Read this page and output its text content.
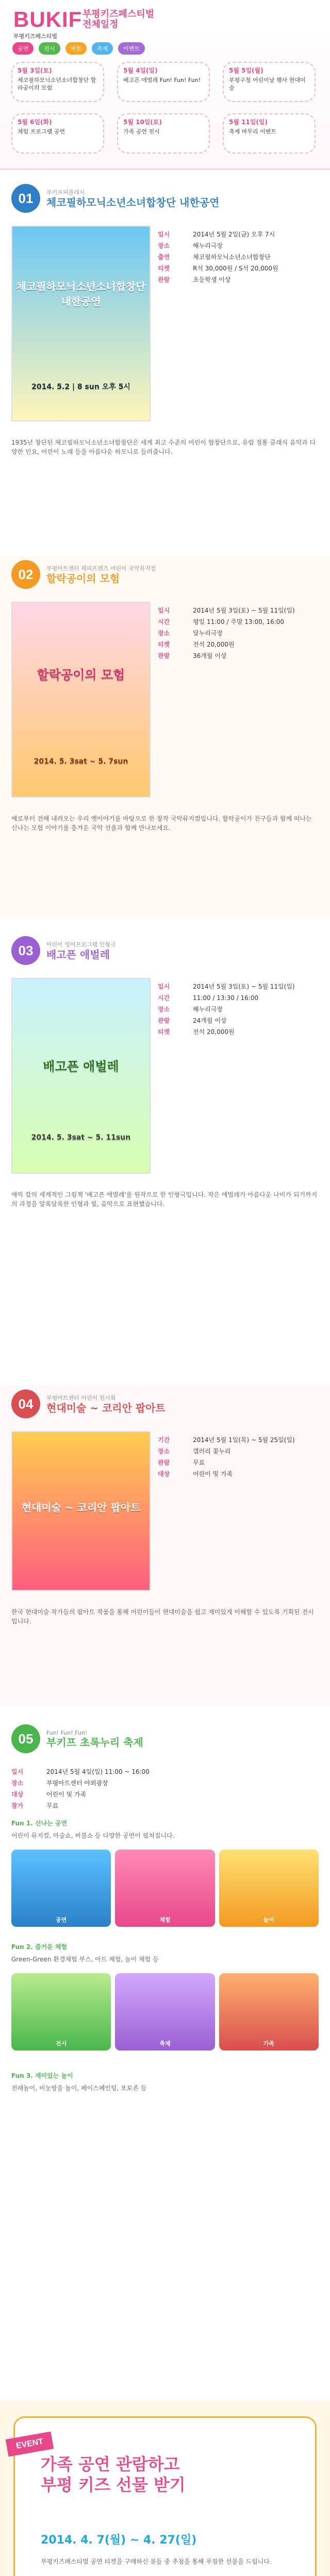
BUKIF
부평키즈페스티벌
부평키즈페스티벌
전체일정
공연	전시	체험	축제	이벤트
5월 3일(토)
체코필하모닉소년소녀합창단 할라공이의 모험
5월 4일(일)
배고픈 애벌레 Fun! Fun! Fun!
5월 5일(월)
부평구청 어린이날 행사 현대미술
5월 6일(화)
체험 프로그램 공연
5월 10일(토)
가족 공연 전시
5월 11일(일)
축제 마무리 이벤트
01	부키프피플레시
체코필하모닉소년소녀합창단 내한공연
체코필하모닉소년소녀합창단 내한공연
2014. 5.2 | 8 sun 오후 5시
일시	2014년 5월 2일(금) 오후 7시
장소	해누리극장
출연	체코필하모닉소년소녀합창단
티켓	R석 30,000원 / S석 20,000원
관람	초등학생 이상
1935년 창단된 체코필하모닉소년소녀합창단은 세계 최고 수준의 어린이 합창단으로, 유럽 정통 클래식 음악과 다양한 민요, 어린이 노래 등을 아름다운 하모니로 들려줍니다.
02	부평아트센터 해피프렌즈 어린이 국악뮤지컬
할락공이의 모험
할락공이의 모험
2014. 5. 3sat ~ 5. 7sun
일시	2014년 5월 3일(토) ~ 5월 11일(일)
시간	평일 11:00 / 주말 13:00, 16:00
장소	달누리극장
티켓	전석 20,000원
관람	36개월 이상
예로부터 전해 내려오는 우리 옛이야기를 바탕으로 한 창작 국악뮤지컬입니다. 할락공이가 친구들과 함께 떠나는 신나는 모험 이야기를 흥겨운 국악 선율과 함께 만나보세요.
03	어린이 영어프로그램 인형극
배고픈 애벌레
배고픈 애벌레
2014. 5. 3sat ~ 5. 11sun
일시	2014년 5월 3일(토) ~ 5월 11일(일)
시간	11:00 / 13:30 / 16:00
장소	해누리극장
관람	24개월 이상
티켓	전석 20,000원
에릭 칼의 세계적인 그림책 '배고픈 애벌레'를 원작으로 한 인형극입니다. 작은 애벌레가 아름다운 나비가 되기까지의 과정을 알록달록한 인형과 빛, 음악으로 표현했습니다.
04	부평아트센터 어린이 전시회
현대미술 ~ 코리안 팝아트
현대미술 ~ 코리안 팝아트
기간	2014년 5월 1일(목) ~ 5월 25일(일)
장소	갤러리 꽃누리
관람	무료
대상	어린이 및 가족
한국 현대미술 작가들의 팝아트 작품을 통해 어린이들이 현대미술을 쉽고 재미있게 이해할 수 있도록 기획된 전시입니다.
05	Fun! Fun! Fun!
부키프 초록누리 축제
일시	2014년 5월 4일(일) 11:00 ~ 16:00
장소	부평아트센터 야외광장
대상	어린이 및 가족
참가	무료
Fun 1. 신나는 공연
어린이 뮤지컬, 마술쇼, 버블쇼 등 다양한 공연이 펼쳐집니다.
공연	체험	놀이
Fun 2. 즐거운 체험
Green-Green 환경체험 부스, 아트 체험, 놀이 체험 등
전시	축제	가족
Fun 3. 재미있는 놀이
전래놀이, 비눗방울 놀이, 페이스페인팅, 포토존 등
EVENT
가족 공연 관람하고
부평 키즈 선물 받기
2014. 4. 7(월) ~ 4. 27(일)
부평키즈페스티벌 공연 티켓을 구매하신 분들 중 추첨을 통해 푸짐한 선물을 드립니다.
